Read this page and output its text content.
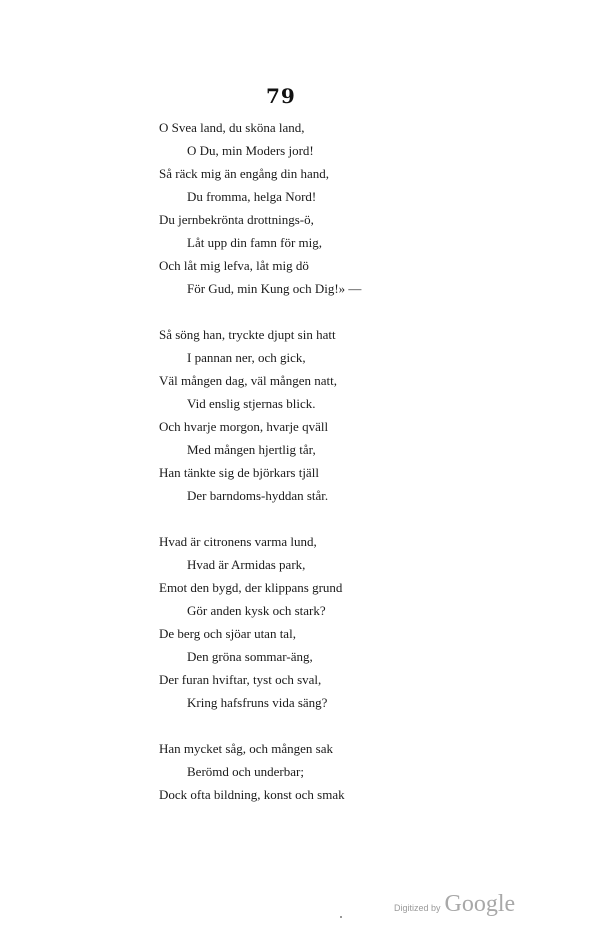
79
O Svea land, du sköna land,
O Du, min Moders jord!
Så räck mig än engång din hand,
Du fromma, helga Nord!
Du jernbekrönta drottnings-ö,
Låt upp din famn för mig,
Och låt mig lefva, låt mig dö
För Gud, min Kung och Dig!» —
Så söng han, tryckte djupt sin hatt
I pannan ner, och gick,
Väl mången dag, väl mången natt,
Vid enslig stjernas blick.
Och hvarje morgon, hvarje qväll
Med mången hjertlig tår,
Han tänkte sig de björkars tjäll
Der barndoms-hyddan står.
Hvad är citronens varma lund,
Hvad är Armidas park,
Emot den bygd, der klippans grund
Gör anden kysk och stark?
De berg och sjöar utan tal,
Den gröna sommar-äng,
Der furan hviftar, tyst och sval,
Kring hafsfruns vida säng?
Han mycket såg, och mången sak
Berömd och underbar;
Dock ofta bildning, konst och smak
Digitized by Google
